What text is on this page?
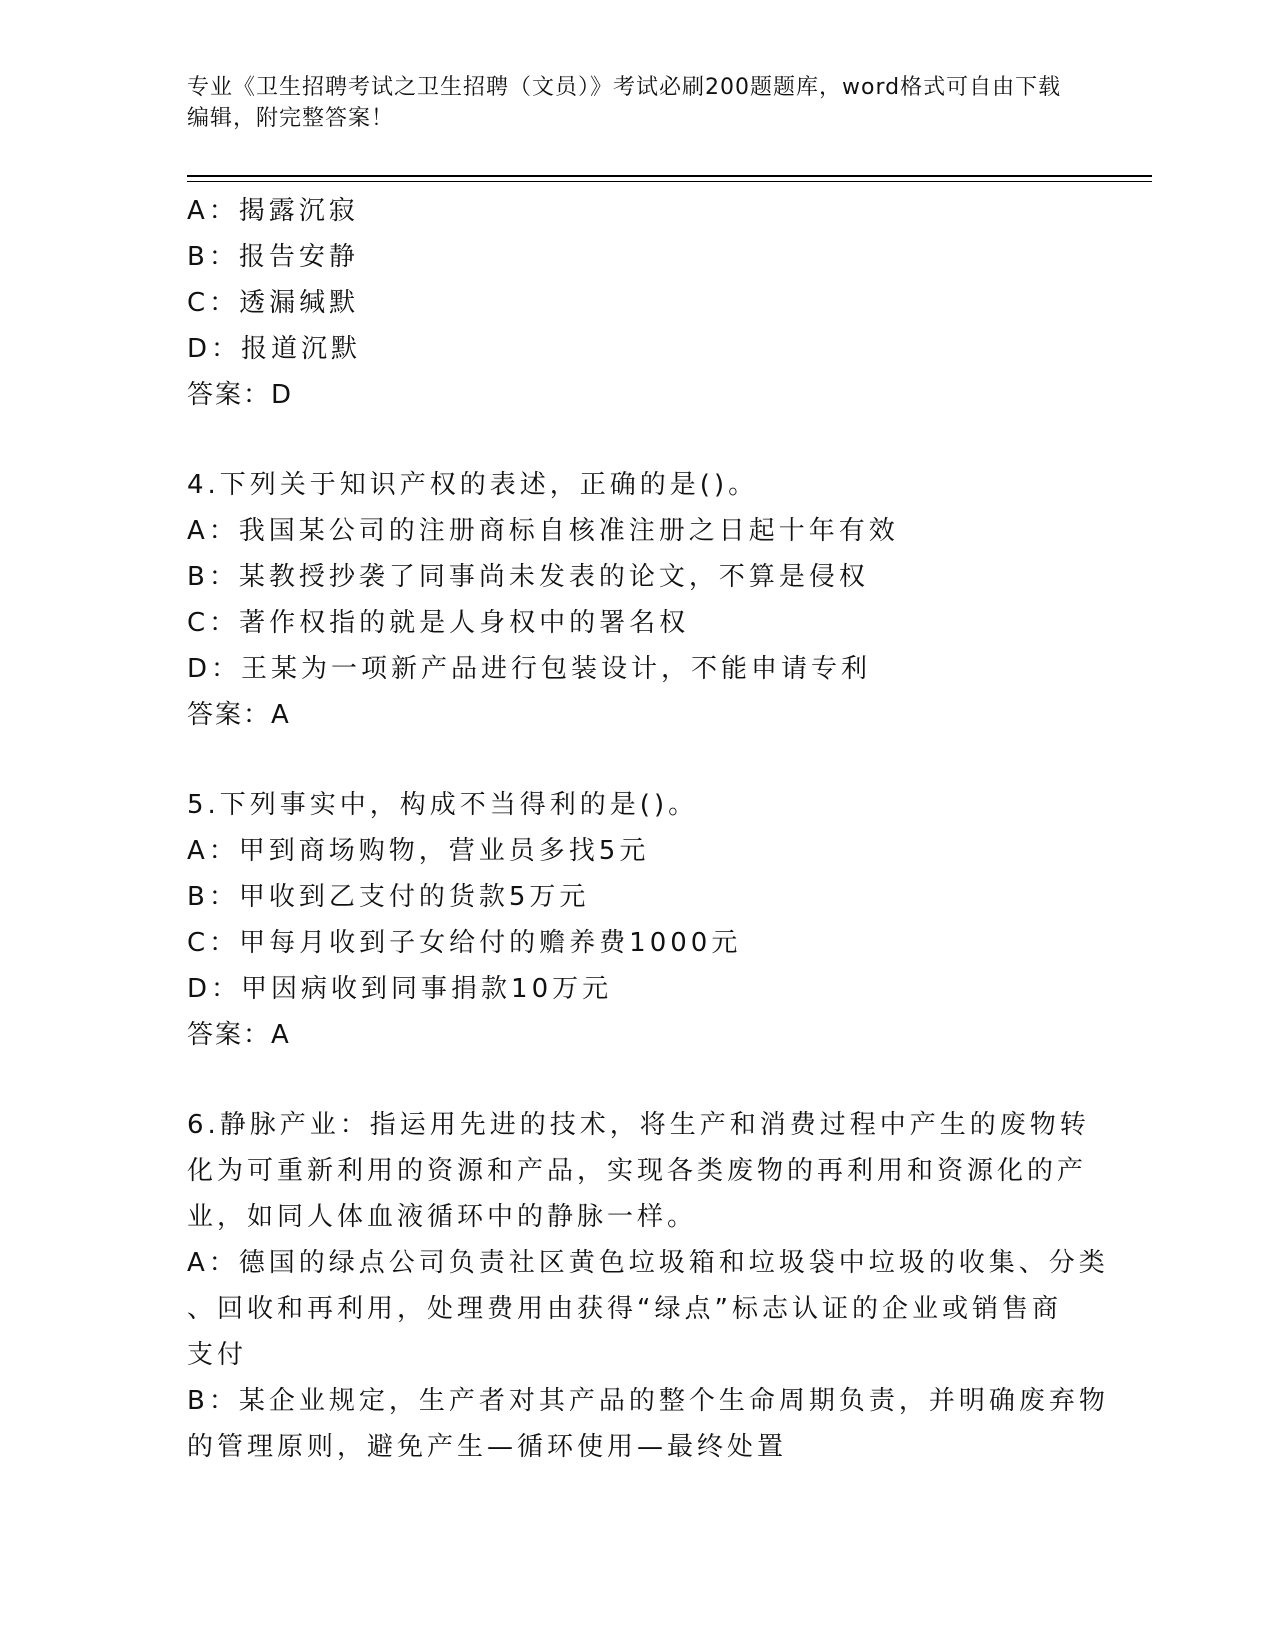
专业《卫生招聘考试之卫生招聘（文员）》考试必刷200题题库，word格式可自由下载编辑，附完整答案！
A：揭露沉寂
B：报告安静
C：透漏缄默
D：报道沉默
答案：D
4.下列关于知识产权的表述，正确的是()。
A：我国某公司的注册商标自核准注册之日起十年有效
B：某教授抄袭了同事尚未发表的论文，不算是侵权
C：著作权指的就是人身权中的署名权
D：王某为一项新产品进行包装设计，不能申请专利
答案：A
5.下列事实中，构成不当得利的是()。
A：甲到商场购物，营业员多找5元
B：甲收到乙支付的货款5万元
C：甲每月收到子女给付的赡养费1000元
D：甲因病收到同事捐款10万元
答案：A
6.静脉产业：指运用先进的技术，将生产和消费过程中产生的废物转
化为可重新利用的资源和产品，实现各类废物的再利用和资源化的产
业，如同人体血液循环中的静脉一样。
A：德国的绿点公司负责社区黄色垃圾箱和垃圾袋中垃圾的收集、分类
、回收和再利用，处理费用由获得“绿点”标志认证的企业或销售商
支付
B：某企业规定，生产者对其产品的整个生命周期负责，并明确废弃物
的管理原则，避免产生—循环使用—最终处置
